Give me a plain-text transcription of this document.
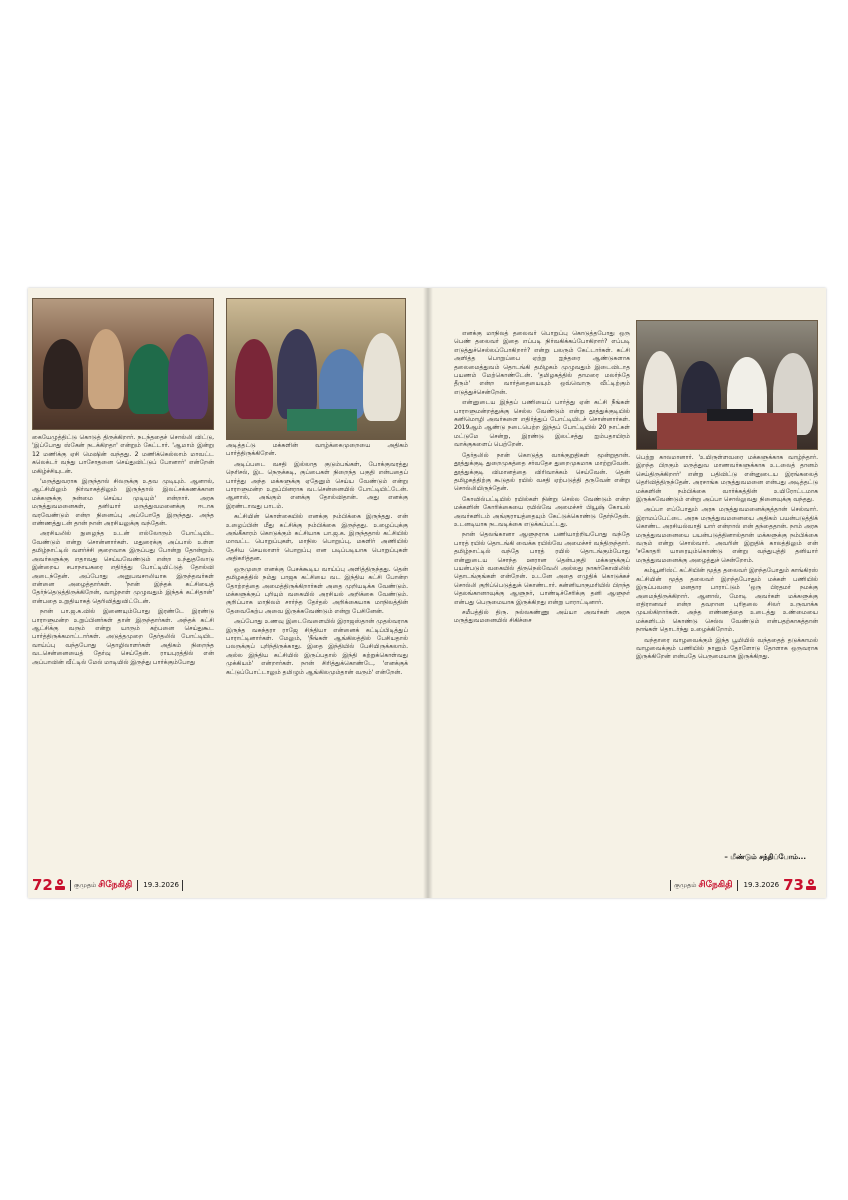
கையேழுத்திட்டு கொடுத் திருக்கிறார். நடந்ததைச் சொல்லி விட்டு, 'இப்போது ஸ்கேன் நடக்கிறதா' என்றும் கேட்டார். 'ஆமாம் இன்று 12 மணிக்கு ஏசி மெஷின் வந்தது. 2 மணிக்கெல்லாம் மாவட்ட கலெக்டர் வந்து பாசோதனை செய்துவிட்டுப் போனார்' என்றேன் மகிழ்ச்சியுடன்.

'மருத்துவராக இருந்தால் சிலருக்கு உதவ முடியும். ஆனால், ஆட்சியிலும் நிர்வாகத்திலும் இருந்தால் இலட்சக்கணக்கான மக்களுக்கு நன்மை செய்ய முடியும்' என்றார். அரசு மருத்துவமனைகள், தனியார் மருத்துவமனைக்கு ஈடாக வரவேண்டும் என்ற நினைப்பு அப்போதே இருந்தது. அந்த எண்ணத்துடன் தான் நான் அரசியலுக்கு வந்தேன்.

அரசியலில் நுழைந்த உடன் எல்லோரும் போட்டியிட வேண்டும் என்று சொன்னார்கள். மதுரைக்கு அப்பால் உள்ள தமிழ்நாட்டில் வளர்ச்சி குறைவாக இருப்பது போன்று தோன்றும். அவர்களுக்கு எதாவது செய்யவேண்டும் என்ற உந்துதலோடு இன்றைய சபாநாயகரை எதிர்த்து போட்டியிட்டுத் தோல்வி அடைந்தேன். அப்போது அனுபவசாலியாக இருந்தவர்கள் என்னை அழைத்தார்கள். 'நான் இந்தக் கட்சியைத் தேர்ந்தெடுத்திருக்கிறேன், வாழ்நாள் முழுவதும் இந்தக் கட்சிதான்' என்பதை உறுதியாகத் தெரிவித்துவிட்டேன்.

நான் பா.ஜ.க.வில் இணையும்போது இரண்டே இரண்டு பாராளுமன்ற உறுப்பினர்கள் தான் இருந்தார்கள். அந்தக் கட்சி ஆட்சிக்கு வரும் என்று யாரும் கற்பனை செய்துகூட பார்த்திருக்கமாட்டார்கள். அடுத்தமுறை தேர்தலில் போட்டியிட வாய்ப்பு வந்தபோது தொழிலாளர்கள் அதிகம் நிறைந்த வடசென்னையைத் தேர்வு செய்தேன். ராயபுரத்தில் என் அப்பாவின் வீட்டில் மேல் மாடியில் இருந்து பார்க்கும்போது

அடித்தட்டு மக்களின் வாழ்க்கைமுறையை அதிகம் பார்த்திருக்கிறேன்.

அடிப்படை வசதி இல்லாத குடும்பங்கள், போக்குவரத்து நெரிசல், இட நெருக்கடி, குப்பைகள் நிறைந்த பகுதி என்பதைப் பார்த்து அந்த மக்களுக்கு ஏதேனும் செய்ய வேண்டும் என்று பாராளுமன்ற உறுப்பினராக வடசென்னையில் போட்டியிட்டேன். ஆனால், அங்கும் எனக்கு தோல்விதான். அது எனக்கு இரண்டாவது பாடம்.

கட்சியின் கொள்கையில் எனக்கு நம்பிக்கை இருந்தது. என் உழைப்பின் மீது கட்சிக்கு நம்பிக்கை இருந்தது. உழைப்புக்கு அங்கீகாரம் கொடுக்கும் கட்சியாக பா.ஜ.க. இருந்ததால் கட்சியில் மாவட்ட பொறுப்புகள், மாநில பொறுப்பு, மகளிர் அணியில் தேசிய செயலாளர் பொறுப்பு என படிப்படியாக பொறுப்புகள் அதிகரித்தன.

ஒருமுறை எனக்கு பேசக்கூடிய வாய்ப்பு அளித்திருந்தது. தென் தமிழகத்தில் நம்து பாஜக கட்சியை வட இந்திய கட்சி போன்ற தோற்றத்தை அமைத்திருக்கிறார்கள் அதை முறியடிக்க வேண்டும். மக்களுக்குப் புரியும் வகையில் அரசியல் அறிக்கை வேண்டும். குறிப்பாக மாநிலம் சார்ந்த தேர்தல் அறிக்கையாக மாநிலத்தின் தேவைகேற்ப அவை இருக்கவேண்டும் என்று பேசினேன்.

அப்போது உணவு இடைவேளையில் இராஜஸ்தான் முதல்வராக இருந்த வசுந்தரா ராஜே சிந்தியா என்னைக் கட்டிப்பிடித்துப் பாராட்டினார்கள். மேலும், 'நீங்கள் ஆங்கிலத்தில் பேசியதால் பலருக்குப் புரிந்திருக்காது. இதை இந்தியில் பேசியிருக்கலாம். அல்ல இந்திய கட்சியில் இருப்பதால் இந்தி கற்றுக்கொள்வது முக்கியம்' என்றார்கள். நான் சிரித்துக்கொண்டே, 'எனக்குக் கட்டுப்போட்டாலும் தமிழும் ஆங்கிலமும்தான் வரும்' என்றேன்.

72	குமுதம் சிநேகிதி 19.3.2026

எனக்கு மாநிலத் தலைவர் பொறுப்பு கொடுத்தபோது ஒரு பெண் தலைவர் இதை எப்படி நிர்வகிக்கப்போகிறார்? எப்படி எடுத்துச்செல்லப்போகிறார்? என்று பலரும் கேட்டார்கள். கட்சி அளித்த பொறுப்பை ஏற்று ஐந்தரை ஆண்டுகளாக தலைமைத்துவம் தொடங்கி தமிழகம் முழுவதும் இடைவிடாத பயணம் மேற்கொண்டேன். 'தமிழகத்தில் தாமரை மலர்ந்தே தீரும்' என்ற வார்த்தையையும் ஒவ்வொரு வீட்டிற்கும் எடுத்துச்சென்றேன்.

என்னுடைய இந்தப் பணியைப் பார்த்து ஏன் கட்சி நீங்கள் பாராளுமன்றத்துக்கு செல்ல வேண்டும் என்று தூத்துக்குடியில் கனிமொழி அவர்களை எதிர்த்துப் போட்டியிடச் சொன்னார்கள். 2019ஆம் ஆண்டு நடைபெற்ற இந்தப் போட்டியில் 20 நாட்கள் மட்டுமே சென்று, இரண்டு இலட்சத்து ஐம்பதாயிரம் வாக்குகளைப் பெற்றேன்.

தேர்தலில் நான் கொடுத்த வாக்குறுதிகள் மூன்றுதான். தூத்துக்குடி துறைமுகத்தை சர்வதேச துறைமுகமாக மாற்றுவேன். தூத்துக்குடி விமானத்தை விரிவாக்கம் செய்வேன். தென் தமிழகத்திற்கு கூடுதல் ரயில் வசதி ஏற்படுத்தி தருவேன் என்று சொல்லியிருந்தேன்.

கோவில்பட்டியில் ரயில்கள் நின்று செல்ல வேண்டும் என்ற மக்களின் கோரிக்கையை ரயில்வே அமைச்சர் பியூஷ் கோயல் அவர்களிடம் அங்குராயத்தையும் கேட்டுக்கொண்டு தேர்ந்தேன். உடனடியாக நடவடிக்கை எடுக்கப்பட்டது.

நான் தெலங்கானா ஆளுநராக பணியாற்றியபோது வந்தே பாரத் ரயில் தொடங்கி வைக்க ரயில்வே அமைச்சர் வந்திருந்தார். தமிழ்நாட்டில் வந்தே பாரத் ரயில் தொடங்கும்போது என்னுடைய சொந்த ஊரான தென்பகுதி மக்களுக்குப் பயன்படும் வகையில் திருநெல்வேலி அல்லது நாகர்கோவிலில் தொடங்குங்கள் என்றேன். உடனே அதை எழுதிக் கொடுக்கச் சொல்லி குறிப்பெடுத்துக் கொண்டார். கன்னியாகுமரியில் பிறந்த தெலங்கானாவுக்கு ஆளுநர், பாண்டிச்சேரிக்கு தனி ஆளுநர் என்பது பெருமையாக இருக்கிறது என்று பாராட்டினார்.

சமீபத்தில் திரு. நல்லகண்ணு அய்யா அவர்கள் அரசு மருத்துவமனையில் சிகிச்சை

பெற்று காலமானார். 'உயிருள்ளவரை மக்களுக்காக வாழ்ந்தார். இறந்த பிறகும் மருத்துவ மாணவர்களுக்காக உடலைத் தானம் செய்திருக்கிறார்' என்று பதிவிட்டு என்னுடைய இரங்கலைத் தெரிவித்திருந்தேன். அரசாங்க மருத்துவமனை என்பது அடித்தட்டு மக்களின் நம்பிக்கை வார்க்கத்தின் உயிரோட்டமாக இருக்கவேண்டும் என்று அப்பா சொல்லுவது நினைவுக்கு வந்தது.

அப்பா எப்போதும் அரசு மருத்துவமனைக்குத்தான் செல்வார். இராமப்பேட்டை அரசு மருத்துவமனையை அதிகம் பயன்படுத்திக் கொண்ட அரசியல்வாதி யார் என்றால் என் தந்தைதான். நாம் அரசு மருத்துவமனையை பயன்படுத்தினால்தான் மக்களுக்கு நம்பிக்கை வரும் என்று சொல்வார். அவரின் இறுதிக் காலத்திலும் என் 'சகோதரி யாரையும்கொண்டு என்று வந்துபுத்தி தனியார் மருத்துவமனைக்கு அழைத்துச் சென்றோம்.

கம்யூனிஸ்ட் கட்சியின் மூத்த தலைவர் இறந்தபோதும் காங்கிரஸ் கட்சியின் மூத்த தலைவர் இறந்தபோதும் மக்கள் பணியில் இருப்பவரை மனதார பாராட்டும் 'ஒரு பிரதமர் நமக்கு அமைந்திருக்கிறார். ஆனால், மோடி அவர்கள் மக்களுக்கு எதிரானவர் என்ற தவறான புரிதலை சிலர் உருவாக்க முயல்கிறார்கள். அந்த எண்ணத்தை உடைத்து உண்மையை மக்களிடம் கொண்டு செல்ல வேண்டும் என்பதற்காகத்தான் நாங்கள் தொடர்ந்து உழைக்கிறோம்.

வந்தாரை வாழவைக்கும் இந்த பூமியில் வந்ததைத் தடுக்காமல் வாழவைக்கும் பணியில் நானும் தோளோடு தோளாக ஒருவராக இருக்கிறேன் என்பதே பெருமையாக இருக்கிறது.

– மீண்டும் சந்திப்போம்...
குமுதம் சிநேகிதி 19.3.2026 73
